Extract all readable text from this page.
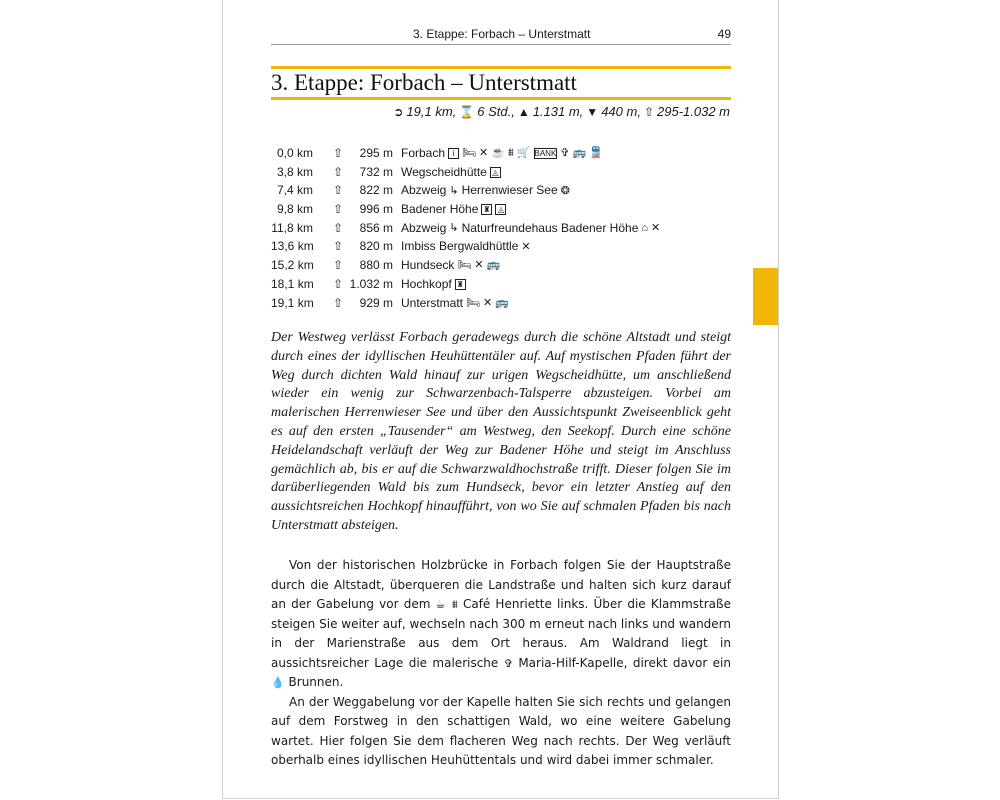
3. Etappe: Forbach – Unterstmatt	49
3. Etappe: Forbach – Unterstmatt
➲ 19,1 km, ⌛ 6 Std., ▲ 1.131 m, ▼ 440 m, ⇧ 295-1.032 m
0,0 km ⇧	295 m Forbach i 🛏 ✕ ☕ ⩩ 🛒 BANK ✞ 🚌 🚆
3,8 km ⇧	732 m Wegscheidhütte ◬
7,4 km ⇧	822 m Abzweig ↳ Herrenwieser See ❂
9,8 km ⇧	996 m Badener Höhe ♜ ◬
11,8 km ⇧	856 m Abzweig ↳ Naturfreundehaus Badener Höhe ⌂ ✕
13,6 km ⇧	820 m Imbiss Bergwaldhüttle ✕
15,2 km ⇧	880 m Hundseck 🛏 ✕ 🚌
18,1 km ⇧ 1.032 m Hochkopf ♜
19,1 km ⇧	929 m Unterstmatt 🛏 ✕ 🚌

Der Westweg verlässt Forbach geradewegs durch die schöne Altstadt und steigt durch eines der idyllischen Heuhüttentäler auf. Auf mystischen Pfaden führt der Weg durch dichten Wald hinauf zur urigen Wegscheidhütte, um anschließend wieder ein wenig zur Schwarzenbach-Talsperre abzusteigen. Vorbei am malerischen Herrenwieser See und über den Aussichtspunkt Zweiseenblick geht es auf den ersten „Tausender“ am Westweg, den Seekopf. Durch eine schöne Heidelandschaft verläuft der Weg zur Badener Höhe und steigt im Anschluss gemächlich ab, bis er auf die Schwarzwaldhochstraße trifft. Dieser folgen Sie im darüberliegenden Wald bis zum Hundseck, bevor ein letzter Anstieg auf den aussichtsreichen Hochkopf hinaufführt, von wo Sie auf schmalen Pfaden bis nach Unterstmatt absteigen.

Von der historischen Holzbrücke in Forbach folgen Sie der Hauptstraße durch die Altstadt, überqueren die Landstraße und halten sich kurz darauf an der Gabelung vor dem ☕ ⩩ Café Henriette links. Über die Klammstraße steigen Sie weiter auf, wechseln nach 300 m erneut nach links und wandern in der Marienstraße aus dem Ort heraus. Am Waldrand liegt in aussichtsreicher Lage die malerische ✞ Maria-Hilf-Kapelle, direkt davor ein 💧 Brunnen.

An der Weggabelung vor der Kapelle halten Sie sich rechts und gelangen auf dem Forstweg in den schattigen Wald, wo eine weitere Gabelung wartet. Hier folgen Sie dem flacheren Weg nach rechts. Der Weg verläuft oberhalb eines idyllischen Heuhüttentals und wird dabei immer schmaler.
